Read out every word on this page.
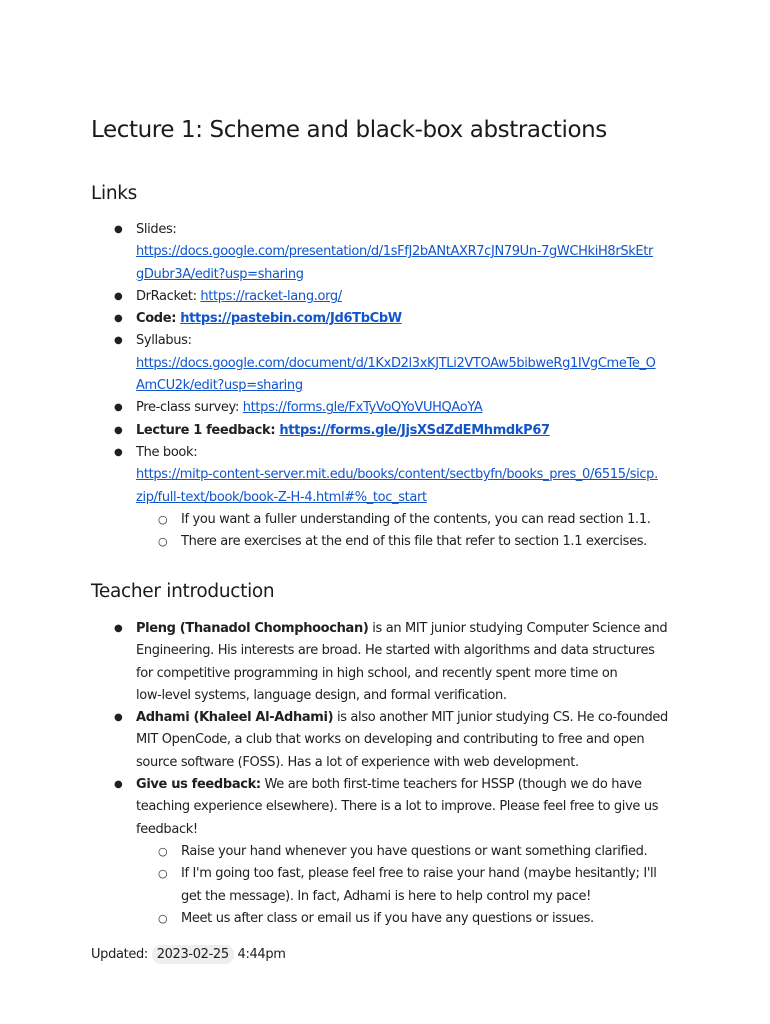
Lecture 1: Scheme and black-box abstractions
Links
● Slides:
https://docs.google.com/presentation/d/1sFfJ2bANtAXR7cJN79Un-7gWCHkiH8rSkEtr
gDubr3A/edit?usp=sharing
● DrRacket: https://racket-lang.org/
● Code: https://pastebin.com/Jd6TbCbW
● Syllabus:
https://docs.google.com/document/d/1KxD2l3xKJTLi2VTOAw5bibweRg1IVgCmeTe_O
AmCU2k/edit?usp=sharing
● Pre-class survey: https://forms.gle/FxTyVoQYoVUHQAoYA
● Lecture 1 feedback: https://forms.gle/JjsXSdZdEMhmdkP67
● The book:
https://mitp-content-server.mit.edu/books/content/sectbyfn/books_pres_0/6515/sicp.
zip/full-text/book/book-Z-H-4.html#%_toc_start
○ If you want a fuller understanding of the contents, you can read section 1.1.
○ There are exercises at the end of this file that refer to section 1.1 exercises.
Teacher introduction
● Pleng (Thanadol Chomphoochan) is an MIT junior studying Computer Science and
Engineering. His interests are broad. He started with algorithms and data structures
for competitive programming in high school, and recently spent more time on
low-level systems, language design, and formal verification.
● Adhami (Khaleel Al-Adhami) is also another MIT junior studying CS. He co-founded
MIT OpenCode, a club that works on developing and contributing to free and open
source software (FOSS). Has a lot of experience with web development.
● Give us feedback: We are both first-time teachers for HSSP (though we do have
teaching experience elsewhere). There is a lot to improve. Please feel free to give us
feedback!
○ Raise your hand whenever you have questions or want something clarified.
○ If I'm going too fast, please feel free to raise your hand (maybe hesitantly; I'll
get the message). In fact, Adhami is here to help control my pace!
○ Meet us after class or email us if you have any questions or issues.
Updated: 2023-02-25 4:44pm
